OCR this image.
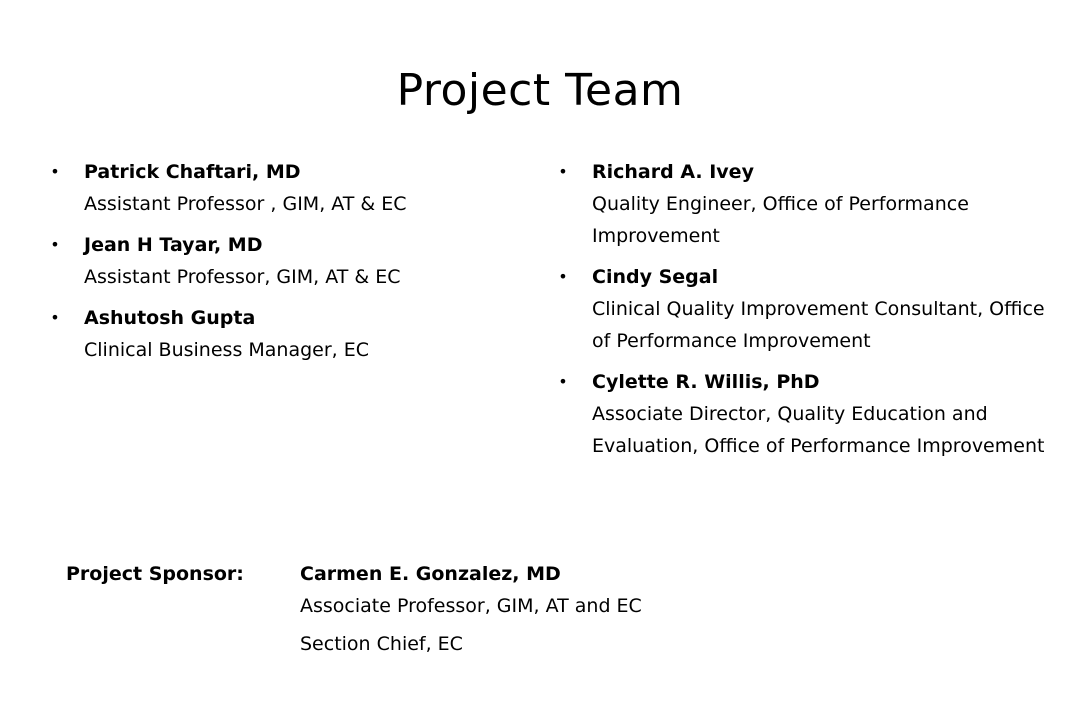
Project Team
• Patrick Chaftari, MD
Assistant Professor , GIM, AT & EC
• Jean H Tayar, MD
Assistant Professor, GIM, AT & EC
• Ashutosh Gupta
Clinical Business Manager, EC
• Richard A. Ivey
Quality Engineer, Office of Performance Improvement
• Cindy Segal
Clinical Quality Improvement Consultant, Office of Performance Improvement
• Cylette R. Willis, PhD
Associate Director, Quality Education and Evaluation, Office of Performance Improvement
Project Sponsor:	Carmen E. Gonzalez, MD
Associate Professor, GIM, AT and EC
Section Chief, EC
